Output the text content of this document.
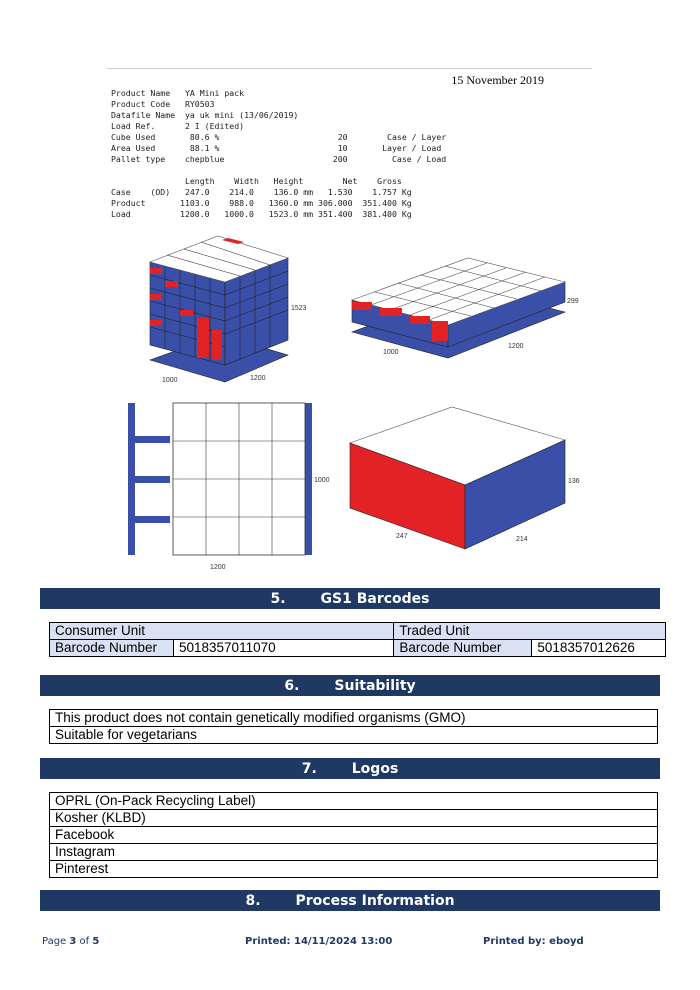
15 November 2019
Product Name   YA Mini pack
Product Code   RY0503
Datafile Name  ya uk mini (13/06/2019)
Load Ref.      2 I (Edited)
Cube Used       80.6 %                        20        Case / Layer
Area Used       88.1 %                        10       Layer / Load
Pallet type    chepblue                      200         Case / Load
Length    Width   Height        Net    Gross
Case    (OD)   247.0    214.0    136.0 mm   1.530    1.757 Kg
Product       1103.0    988.0   1360.0 mm 306.000  351.400 Kg
Load          1200.0   1000.0   1523.0 mm 351.400  381.400 Kg
1523
1000	1200
299
1000
1200
1000
1200
136
247	214
5.	GS1 Barcodes
Consumer Unit		Traded Unit	
Barcode Number	5018357011070	Barcode Number	5018357012626
6.	Suitability
This product does not contain genetically modified organisms (GMO)
Suitable for vegetarians
7.	Logos
OPRL (On-Pack Recycling Label)
Kosher (KLBD)
Facebook
Instagram
Pinterest
8.	Process Information
Page 3 of 5	Printed: 14/11/2024 13:00	Printed by: eboyd
